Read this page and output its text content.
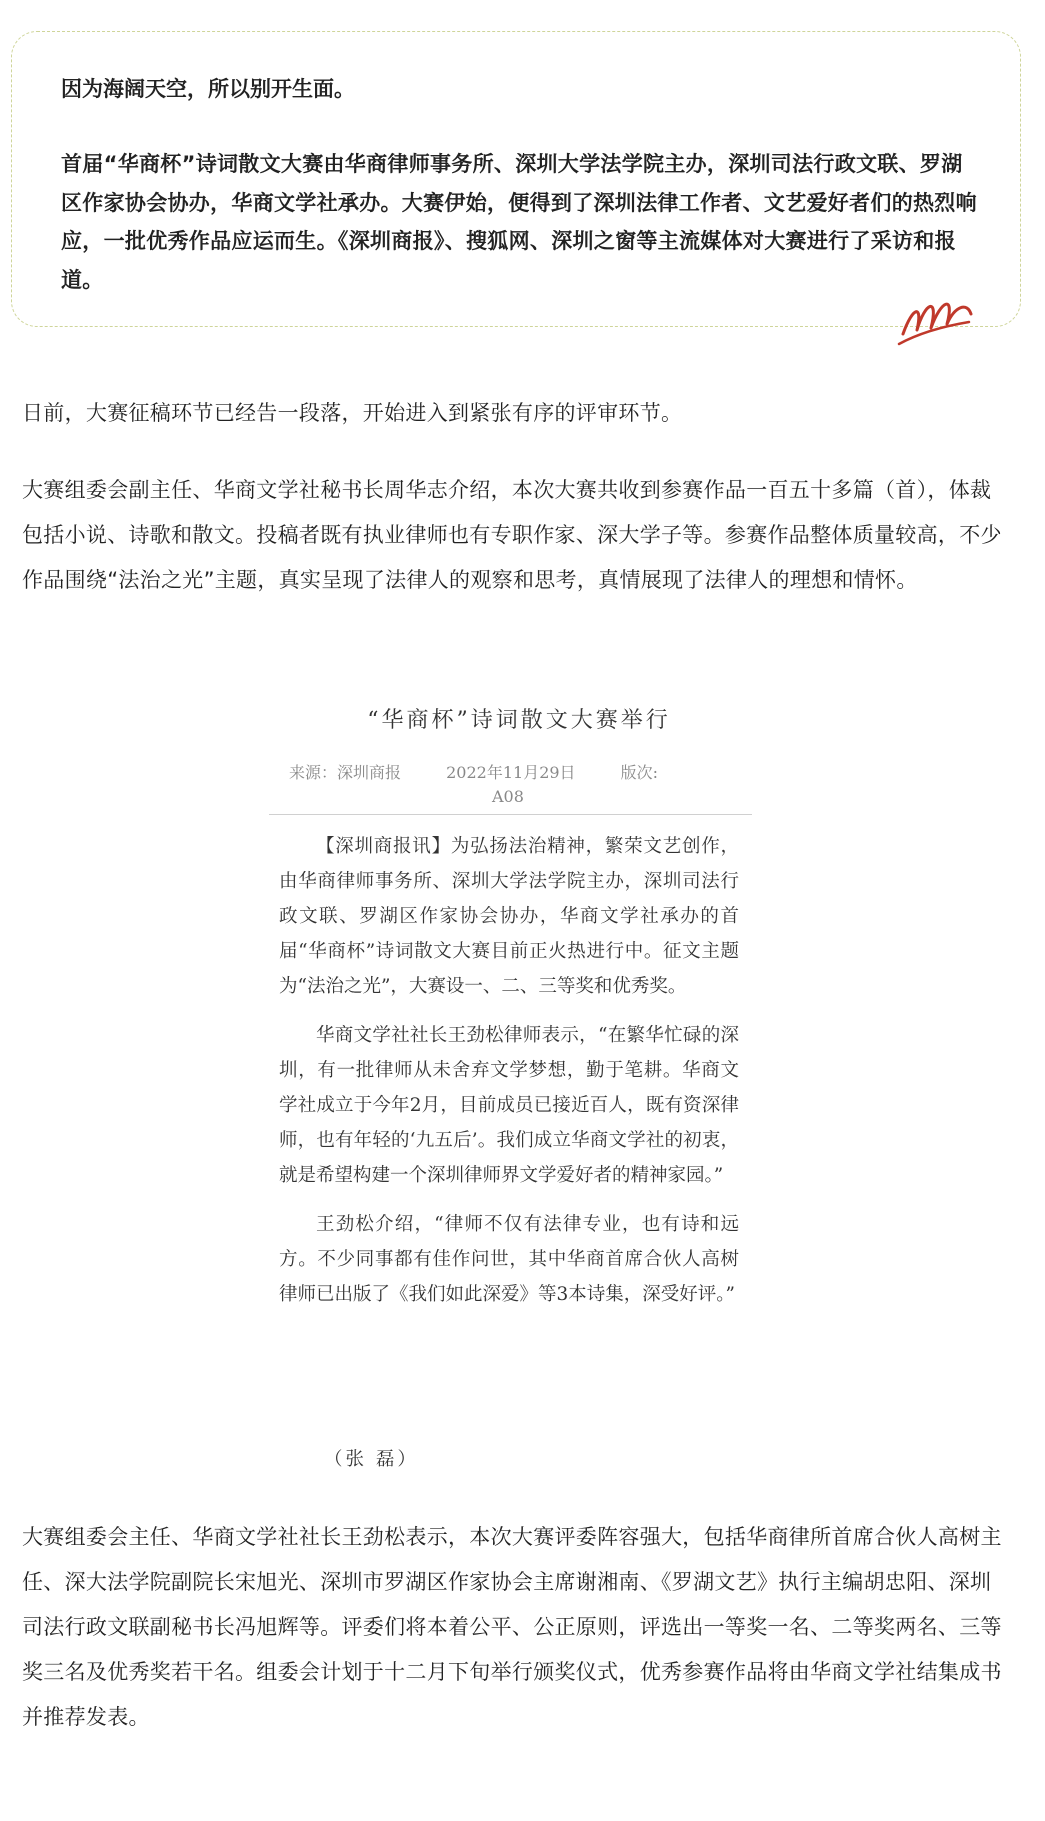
因为海阔天空，所以别开生面。
首届“华商杯”诗词散文大赛由华商律师事务所、深圳大学法学院主办，深圳司法行政文联、罗湖区作家协会协办，华商文学社承办。大赛伊始，便得到了深圳法律工作者、文艺爱好者们的热烈响应，一批优秀作品应运而生。《深圳商报》、搜狐网、深圳之窗等主流媒体对大赛进行了采访和报道。
日前，大赛征稿环节已经告一段落，开始进入到紧张有序的评审环节。
大赛组委会副主任、华商文学社秘书长周华志介绍，本次大赛共收到参赛作品一百五十多篇（首），体裁包括小说、诗歌和散文。投稿者既有执业律师也有专职作家、深大学子等。参赛作品整体质量较高，不少作品围绕“法治之光”主题，真实呈现了法律人的观察和思考，真情展现了法律人的理想和情怀。
“华商杯”诗词散文大赛举行
来源：深圳商报	2022年11月29日	版次:
A08

【深圳商报讯】为弘扬法治精神，繁荣文艺创作，由华商律师事务所、深圳大学法学院主办，深圳司法行政文联、罗湖区作家协会协办，华商文学社承办的首届“华商杯”诗词散文大赛目前正火热进行中。征文主题为“法治之光”，大赛设一、二、三等奖和优秀奖。

华商文学社社长王劲松律师表示，“在繁华忙碌的深圳，有一批律师从未舍弃文学梦想，勤于笔耕。华商文学社成立于今年2月，目前成员已接近百人，既有资深律师，也有年轻的‘九五后’。我们成立华商文学社的初衷，就是希望构建一个深圳律师界文学爱好者的精神家园。”

王劲松介绍，“律师不仅有法律专业，也有诗和远方。不少同事都有佳作问世，其中华商首席合伙人高树律师已出版了《我们如此深爱》等3本诗集，深受好评。”

（张 磊）
大赛组委会主任、华商文学社社长王劲松表示，本次大赛评委阵容强大，包括华商律所首席合伙人高树主任、深大法学院副院长宋旭光、深圳市罗湖区作家协会主席谢湘南、《罗湖文艺》执行主编胡忠阳、深圳司法行政文联副秘书长冯旭辉等。评委们将本着公平、公正原则，评选出一等奖一名、二等奖两名、三等奖三名及优秀奖若干名。组委会计划于十二月下旬举行颁奖仪式，优秀参赛作品将由华商文学社结集成书并推荐发表。
